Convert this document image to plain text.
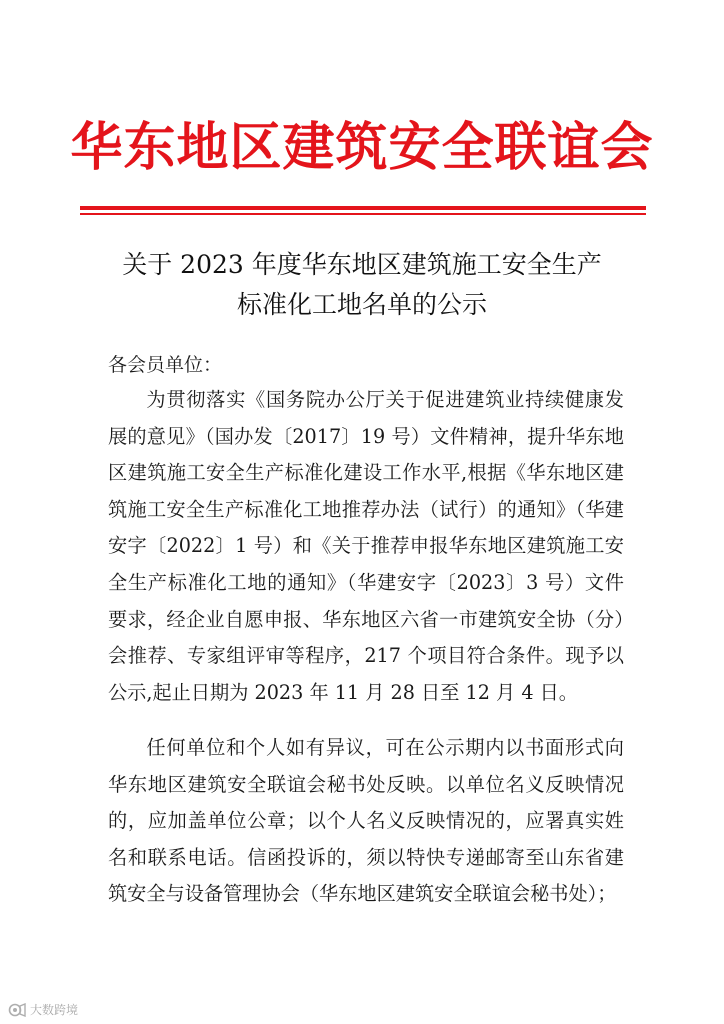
华东地区建筑安全联谊会
关于 2023 年度华东地区建筑施工安全生产
标准化工地名单的公示
各会员单位：

为贯彻落实《国务院办公厅关于促进建筑业持续健康发展的意见》（国办发〔2017〕19 号）文件精神，提升华东地区建筑施工安全生产标准化建设工作水平,根据《华东地区建筑施工安全生产标准化工地推荐办法（试行）的通知》（华建安字〔2022〕1 号）和《关于推荐申报华东地区建筑施工安全生产标准化工地的通知》（华建安字〔2023〕3 号）文件要求，经企业自愿申报、华东地区六省一市建筑安全协（分）会推荐、专家组评审等程序，217 个项目符合条件。现予以公示,起止日期为 2023 年 11 月 28 日至 12 月 4 日。

任何单位和个人如有异议，可在公示期内以书面形式向华东地区建筑安全联谊会秘书处反映。以单位名义反映情况的，应加盖单位公章；以个人名义反映情况的，应署真实姓名和联系电话。信函投诉的，须以特快专递邮寄至山东省建筑安全与设备管理协会（华东地区建筑安全联谊会秘书处）；

大数跨境
